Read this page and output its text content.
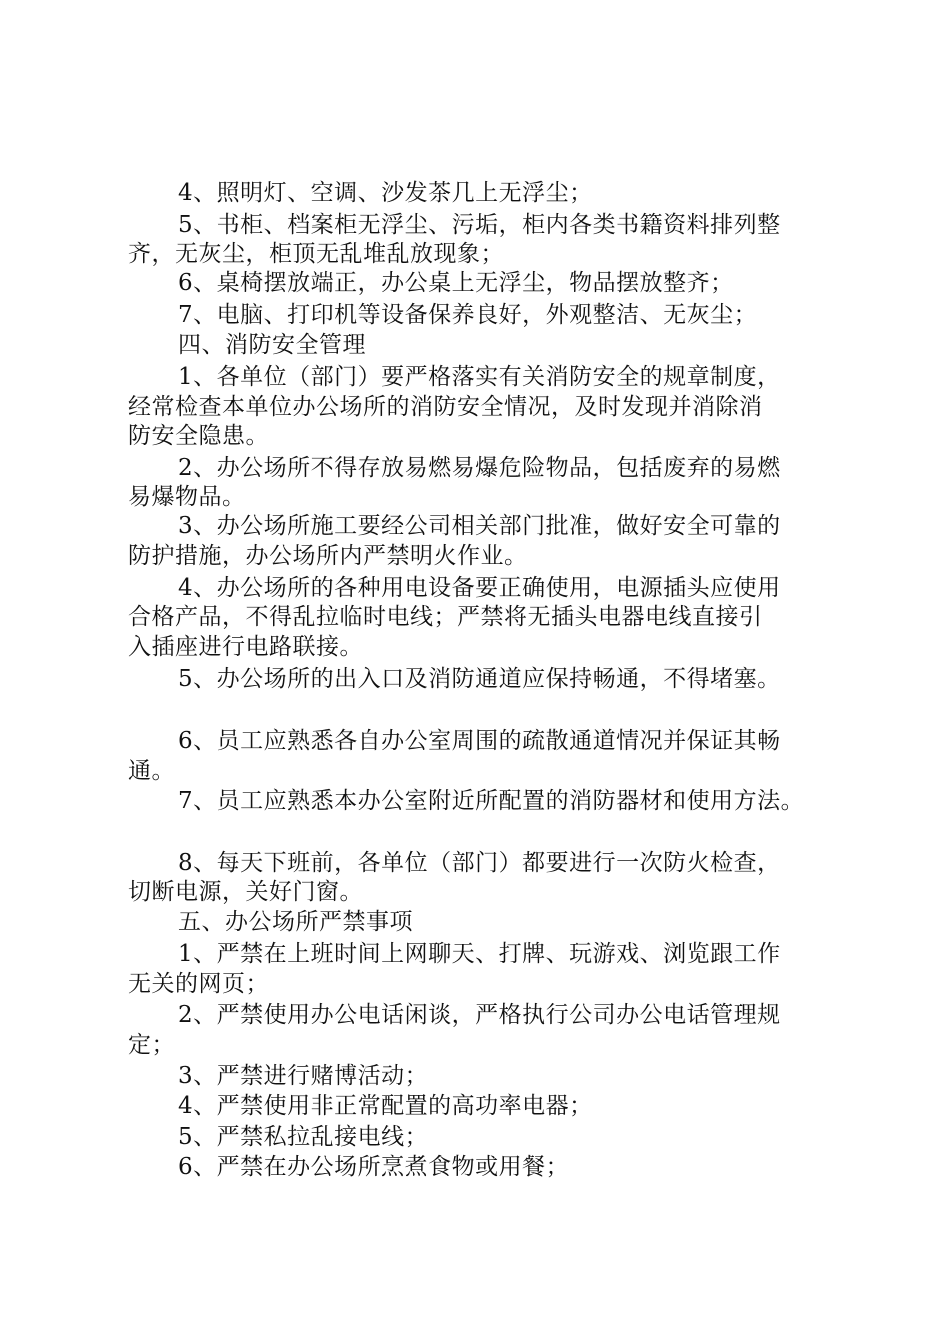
4、照明灯、空调、沙发茶几上无浮尘；
5、书柜、档案柜无浮尘、污垢，柜内各类书籍资料排列整
齐，无灰尘，柜顶无乱堆乱放现象；
6、桌椅摆放端正，办公桌上无浮尘，物品摆放整齐；
7、电脑、打印机等设备保养良好，外观整洁、无灰尘；
四、消防安全管理
1、各单位（部门）要严格落实有关消防安全的规章制度，
经常检查本单位办公场所的消防安全情况，及时发现并消除消
防安全隐患。
2、办公场所不得存放易燃易爆危险物品，包括废弃的易燃
易爆物品。
3、办公场所施工要经公司相关部门批准，做好安全可靠的
防护措施，办公场所内严禁明火作业。
4、办公场所的各种用电设备要正确使用，电源插头应使用
合格产品，不得乱拉临时电线；严禁将无插头电器电线直接引
入插座进行电路联接。
5、办公场所的出入口及消防通道应保持畅通，不得堵塞。
6、员工应熟悉各自办公室周围的疏散通道情况并保证其畅
通。
7、员工应熟悉本办公室附近所配置的消防器材和使用方法。
8、每天下班前，各单位（部门）都要进行一次防火检查，
切断电源，关好门窗。
五、办公场所严禁事项
1、严禁在上班时间上网聊天、打牌、玩游戏、浏览跟工作
无关的网页；
2、严禁使用办公电话闲谈，严格执行公司办公电话管理规
定；
3、严禁进行赌博活动；
4、严禁使用非正常配置的高功率电器；
5、严禁私拉乱接电线；
6、严禁在办公场所烹煮食物或用餐；
